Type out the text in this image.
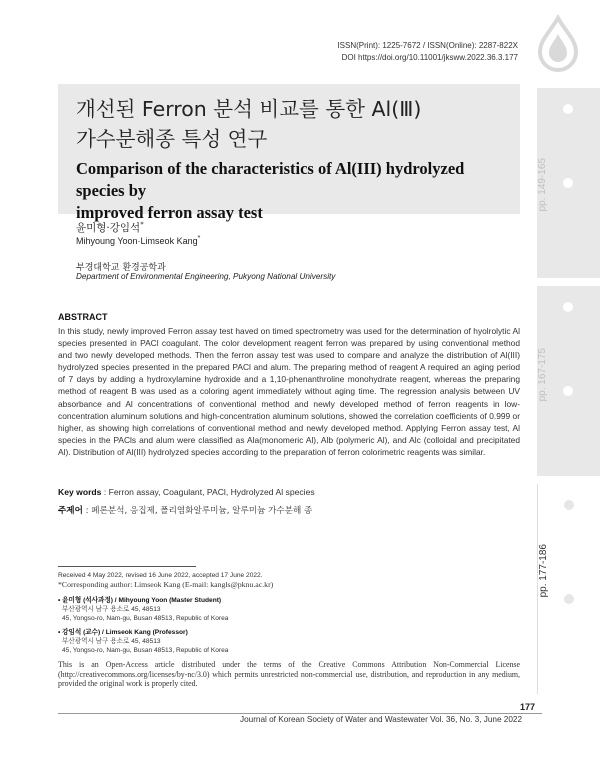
ISSN(Print): 1225-7672 / ISSN(Online): 2287-822X
DOI https://doi.org/10.11001/jksww.2022.36.3.177
pp. 149-165
pp. 167-175
pp. 177-186
개선된 Ferron 분석 비교를 통한 Al(Ⅲ)
가수분해종 특성 연구
Comparison of the characteristics of Al(III) hydrolyzed species by
improved ferron assay test
윤미형·강임석*
Mihyoung Yoon·Limseok Kang*
부경대학교 환경공학과
Department of Environmental Engineering, Pukyong National University
ABSTRACT
In this study, newly improved Ferron assay test haved on timed spectrometry was used for the determination of hyolrolytic Al species presented in PACl coagulant. The color development reagent ferron was prepared by using conventional method and two newly developed methods. Then the ferron assay test was used to compare and analyze the distribution of Al(III) hydrolyzed species presented in the prepared PACl and alum. The preparing method of reagent A required an aging period of 7 days by adding a hydroxylamine hydroxide and a 1,10-phenanthroline monohydrate reagent, whereas the preparing method of reagent B was used as a coloring agent immediately without aging time. The regression analysis between UV absorbance and Al concentrations of conventional method and newly developed method of ferron reagents in low-concentration aluminum solutions and high-concentration aluminum solutions, showed the correlation coefficients of 0.999 or higher, as showing high correlations of conventional method and newly developed method. Applying Ferron assay test, Al species in the PACls and alum were classified as Ala(monomeric Al), Alb (polymeric Al), and Alc (colloidal and precipitated Al). Distribution of Al(III) hydrolyzed species according to the preparation of ferron colorimetric reagents was similar.
Key words : Ferron assay, Coagulant, PACl, Hydrolyzed Al species
주제어 : 페론분석, 응집제, 폴리염화알루미늄, 알루미늄 가수분해 종
Received 4 May 2022, revised 16 June 2022, accepted 17 June 2022.
*Corresponding author: Limseok Kang (E-mail: kangls@pknu.ac.kr)
• 윤미형 (석사과정) / Mihyoung Yoon (Master Student)
부산광역시 남구 용소로 45, 48513
45, Yongso-ro, Nam-gu, Busan 48513, Republic of Korea
• 강임석 (교수) / Limseok Kang (Professor)
부산광역시 남구 용소로 45, 48513
45, Yongso-ro, Nam-gu, Busan 48513, Republic of Korea
This is an Open-Access article distributed under the terms of the Creative Commons Attribution Non-Commercial License (http://creativecommons.org/licenses/by-nc/3.0) which permits unrestricted non-commercial use, distribution, and reproduction in any medium, provided the original work is properly cited.
177
Journal of Korean Society of Water and Wastewater Vol. 36, No. 3, June 2022
